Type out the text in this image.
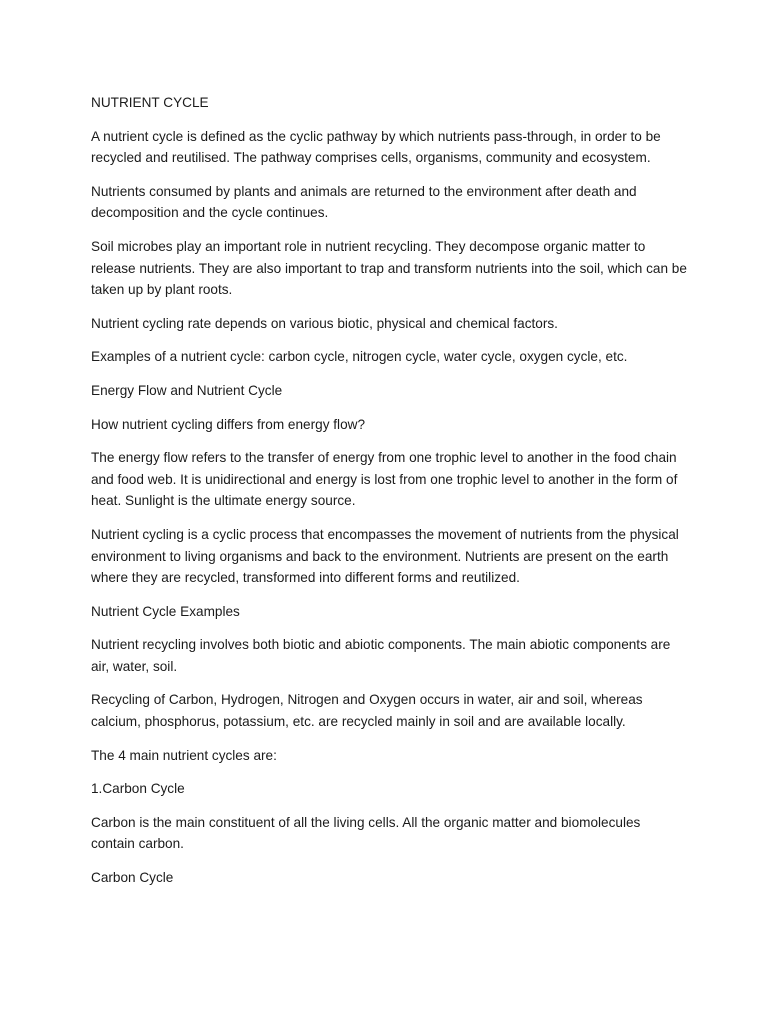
NUTRIENT CYCLE

A nutrient cycle is defined as the cyclic pathway by which nutrients pass-through, in order to be recycled and reutilised. The pathway comprises cells, organisms, community and ecosystem.

Nutrients consumed by plants and animals are returned to the environment after death and decomposition and the cycle continues.

Soil microbes play an important role in nutrient recycling. They decompose organic matter to release nutrients. They are also important to trap and transform nutrients into the soil, which can be taken up by plant roots.

Nutrient cycling rate depends on various biotic, physical and chemical factors.

Examples of a nutrient cycle: carbon cycle, nitrogen cycle, water cycle, oxygen cycle, etc.

Energy Flow and Nutrient Cycle

How nutrient cycling differs from energy flow?

The energy flow refers to the transfer of energy from one trophic level to another in the food chain and food web. It is unidirectional and energy is lost from one trophic level to another in the form of heat. Sunlight is the ultimate energy source.

Nutrient cycling is a cyclic process that encompasses the movement of nutrients from the physical environment to living organisms and back to the environment. Nutrients are present on the earth where they are recycled, transformed into different forms and reutilized.

Nutrient Cycle Examples

Nutrient recycling involves both biotic and abiotic components. The main abiotic components are air, water, soil.

Recycling of Carbon, Hydrogen, Nitrogen and Oxygen occurs in water, air and soil, whereas calcium, phosphorus, potassium, etc. are recycled mainly in soil and are available locally.

The 4 main nutrient cycles are:

1.Carbon Cycle

Carbon is the main constituent of all the living cells. All the organic matter and biomolecules contain carbon.

Carbon Cycle
